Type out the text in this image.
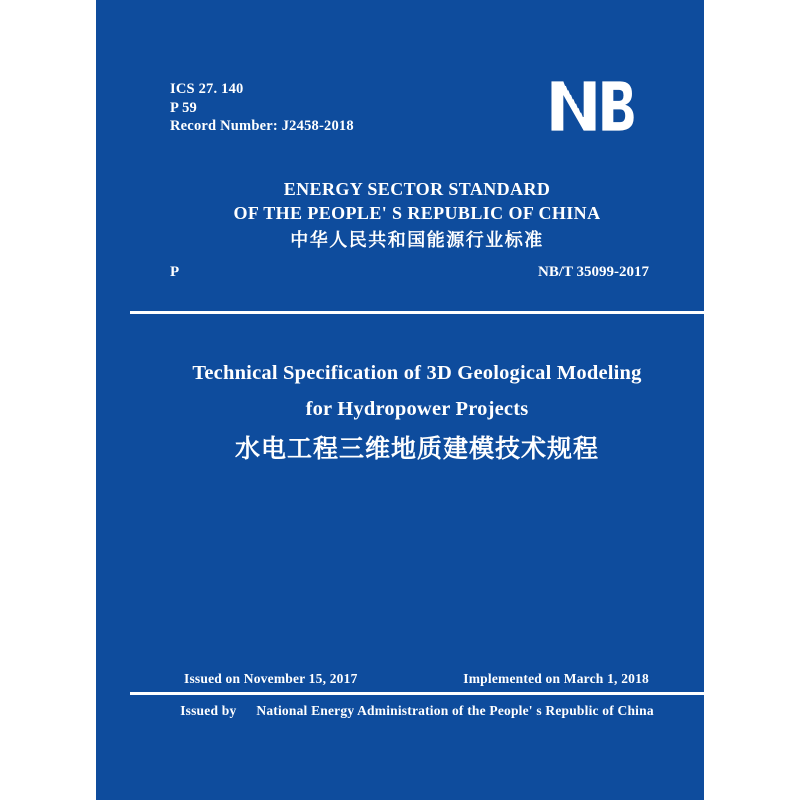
ICS 27. 140
P 59
Record Number: J2458-2018
ENERGY SECTOR STANDARD
OF THE PEOPLE' S REPUBLIC OF CHINA
中华人民共和国能源行业标准
P	NB/T 35099-2017
Technical Specification of 3D Geological Modeling
for Hydropower Projects
水电工程三维地质建模技术规程
Issued on November 15, 2017	Implemented on March 1, 2018
Issued by National Energy Administration of the People' s Republic of China
